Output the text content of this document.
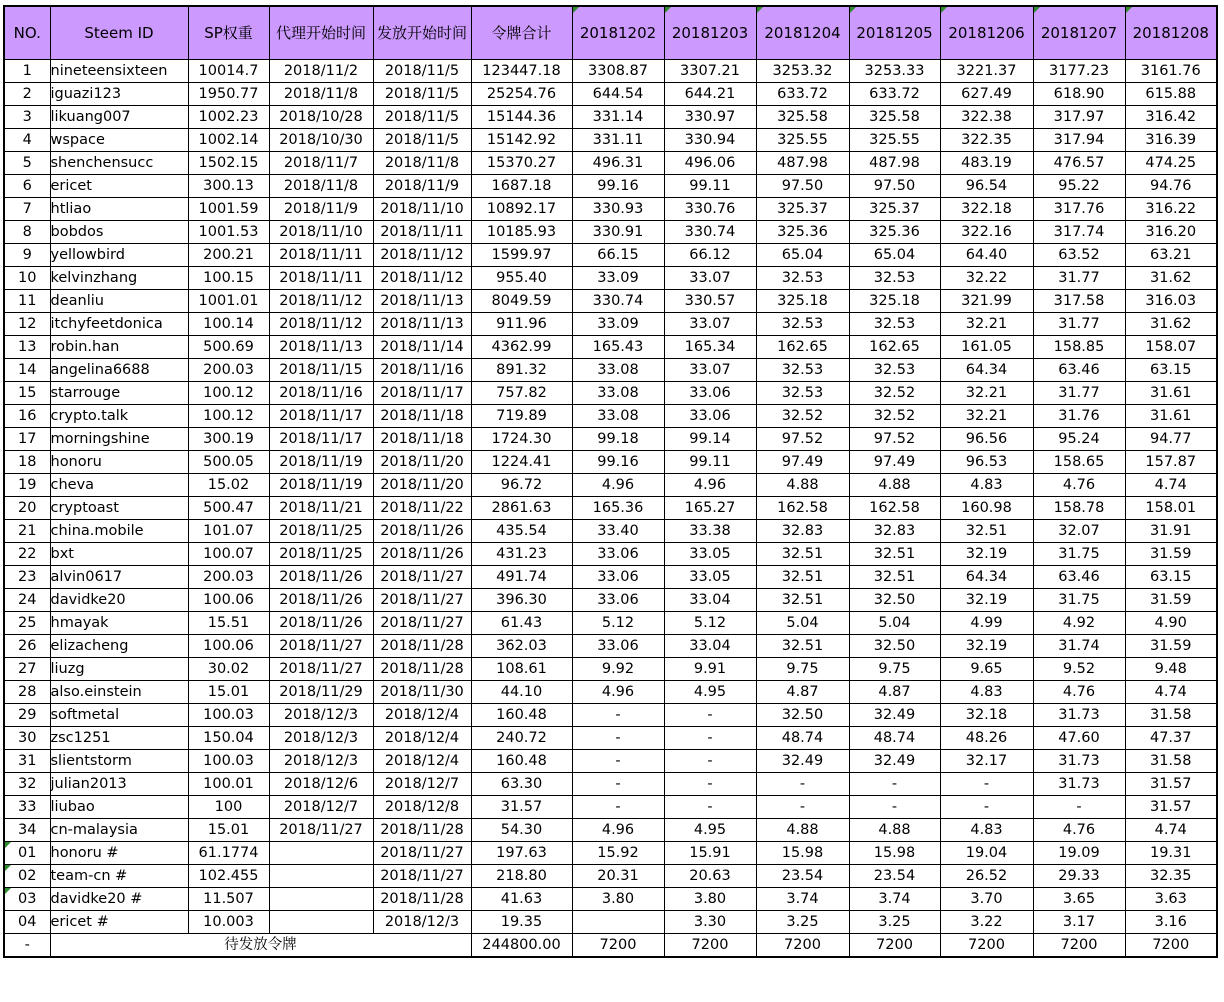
NO.	Steem ID	SP权重	代理开始时间	发放开始时间	令牌合计	20181202	20181203	20181204	20181205	20181206	20181207	20181208
1	nineteensixteen	10014.7	2018/11/2	2018/11/5	123447.18	3308.87	3307.21	3253.32	3253.33	3221.37	3177.23	3161.76
2	iguazi123	1950.77	2018/11/8	2018/11/5	25254.76	644.54	644.21	633.72	633.72	627.49	618.90	615.88
3	likuang007	1002.23	2018/10/28	2018/11/5	15144.36	331.14	330.97	325.58	325.58	322.38	317.97	316.42
4	wspace	1002.14	2018/10/30	2018/11/5	15142.92	331.11	330.94	325.55	325.55	322.35	317.94	316.39
5	shenchensucc	1502.15	2018/11/7	2018/11/8	15370.27	496.31	496.06	487.98	487.98	483.19	476.57	474.25
6	ericet	300.13	2018/11/8	2018/11/9	1687.18	99.16	99.11	97.50	97.50	96.54	95.22	94.76
7	htliao	1001.59	2018/11/9	2018/11/10	10892.17	330.93	330.76	325.37	325.37	322.18	317.76	316.22
8	bobdos	1001.53	2018/11/10	2018/11/11	10185.93	330.91	330.74	325.36	325.36	322.16	317.74	316.20
9	yellowbird	200.21	2018/11/11	2018/11/12	1599.97	66.15	66.12	65.04	65.04	64.40	63.52	63.21
10	kelvinzhang	100.15	2018/11/11	2018/11/12	955.40	33.09	33.07	32.53	32.53	32.22	31.77	31.62
11	deanliu	1001.01	2018/11/12	2018/11/13	8049.59	330.74	330.57	325.18	325.18	321.99	317.58	316.03
12	itchyfeetdonica	100.14	2018/11/12	2018/11/13	911.96	33.09	33.07	32.53	32.53	32.21	31.77	31.62
13	robin.han	500.69	2018/11/13	2018/11/14	4362.99	165.43	165.34	162.65	162.65	161.05	158.85	158.07
14	angelina6688	200.03	2018/11/15	2018/11/16	891.32	33.08	33.07	32.53	32.53	64.34	63.46	63.15
15	starrouge	100.12	2018/11/16	2018/11/17	757.82	33.08	33.06	32.53	32.52	32.21	31.77	31.61
16	crypto.talk	100.12	2018/11/17	2018/11/18	719.89	33.08	33.06	32.52	32.52	32.21	31.76	31.61
17	morningshine	300.19	2018/11/17	2018/11/18	1724.30	99.18	99.14	97.52	97.52	96.56	95.24	94.77
18	honoru	500.05	2018/11/19	2018/11/20	1224.41	99.16	99.11	97.49	97.49	96.53	158.65	157.87
19	cheva	15.02	2018/11/19	2018/11/20	96.72	4.96	4.96	4.88	4.88	4.83	4.76	4.74
20	cryptoast	500.47	2018/11/21	2018/11/22	2861.63	165.36	165.27	162.58	162.58	160.98	158.78	158.01
21	china.mobile	101.07	2018/11/25	2018/11/26	435.54	33.40	33.38	32.83	32.83	32.51	32.07	31.91
22	bxt	100.07	2018/11/25	2018/11/26	431.23	33.06	33.05	32.51	32.51	32.19	31.75	31.59
23	alvin0617	200.03	2018/11/26	2018/11/27	491.74	33.06	33.05	32.51	32.51	64.34	63.46	63.15
24	davidke20	100.06	2018/11/26	2018/11/27	396.30	33.06	33.04	32.51	32.50	32.19	31.75	31.59
25	hmayak	15.51	2018/11/26	2018/11/27	61.43	5.12	5.12	5.04	5.04	4.99	4.92	4.90
26	elizacheng	100.06	2018/11/27	2018/11/28	362.03	33.06	33.04	32.51	32.50	32.19	31.74	31.59
27	liuzg	30.02	2018/11/27	2018/11/28	108.61	9.92	9.91	9.75	9.75	9.65	9.52	9.48
28	also.einstein	15.01	2018/11/29	2018/11/30	44.10	4.96	4.95	4.87	4.87	4.83	4.76	4.74
29	softmetal	100.03	2018/12/3	2018/12/4	160.48	-	-	32.50	32.49	32.18	31.73	31.58
30	zsc1251	150.04	2018/12/3	2018/12/4	240.72	-	-	48.74	48.74	48.26	47.60	47.37
31	slientstorm	100.03	2018/12/3	2018/12/4	160.48	-	-	32.49	32.49	32.17	31.73	31.58
32	julian2013	100.01	2018/12/6	2018/12/7	63.30	-	-	-	-	-	31.73	31.57
33	liubao	100	2018/12/7	2018/12/8	31.57	-	-	-	-	-	-	31.57
34	cn-malaysia	15.01	2018/11/27	2018/11/28	54.30	4.96	4.95	4.88	4.88	4.83	4.76	4.74
01	honoru #	61.1774		2018/11/27	197.63	15.92	15.91	15.98	15.98	19.04	19.09	19.31
02	team-cn #	102.455		2018/11/27	218.80	20.31	20.63	23.54	23.54	26.52	29.33	32.35
03	davidke20 #	11.507		2018/11/28	41.63	3.80	3.80	3.74	3.74	3.70	3.65	3.63
04	ericet #	10.003		2018/12/3	19.35		3.30	3.25	3.25	3.22	3.17	3.16
-	待发放令牌				244800.00	7200	7200	7200	7200	7200	7200	7200
